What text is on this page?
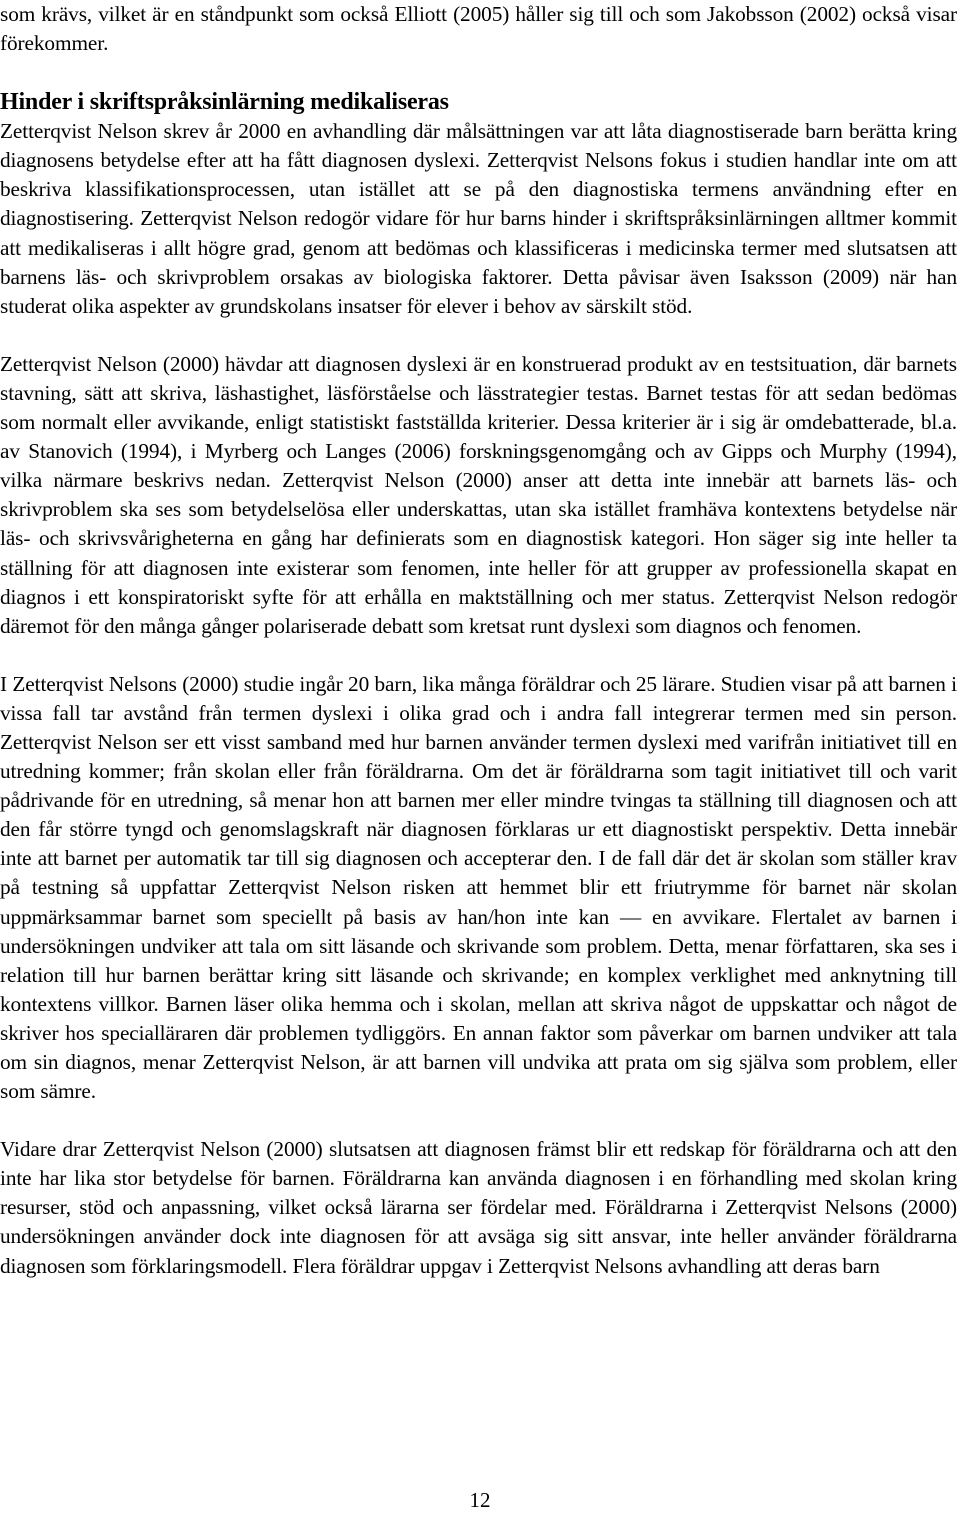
som krävs, vilket är en ståndpunkt som också Elliott (2005) håller sig till och som Jakobsson (2002) också visar förekommer.

Hinder i skriftspråksinlärning medikaliseras

Zetterqvist Nelson skrev år 2000 en avhandling där målsättningen var att låta diagnostiserade barn berätta kring diagnosens betydelse efter att ha fått diagnosen dyslexi. Zetterqvist Nelsons fokus i studien handlar inte om att beskriva klassifikationsprocessen, utan istället att se på den diagnostiska termens användning efter en diagnostisering. Zetterqvist Nelson redogör vidare för hur barns hinder i skriftspråksinlärningen alltmer kommit att medikaliseras i allt högre grad, genom att bedömas och klassificeras i medicinska termer med slutsatsen att barnens läs- och skrivproblem orsakas av biologiska faktorer. Detta påvisar även Isaksson (2009) när han studerat olika aspekter av grundskolans insatser för elever i behov av särskilt stöd.

Zetterqvist Nelson (2000) hävdar att diagnosen dyslexi är en konstruerad produkt av en testsituation, där barnets stavning, sätt att skriva, läshastighet, läsförståelse och lässtrategier testas. Barnet testas för att sedan bedömas som normalt eller avvikande, enligt statistiskt fastställda kriterier. Dessa kriterier är i sig är omdebatterade, bl.a. av Stanovich (1994), i Myrberg och Langes (2006) forskningsgenomgång och av Gipps och Murphy (1994), vilka närmare beskrivs nedan. Zetterqvist Nelson (2000) anser att detta inte innebär att barnets läs- och skrivproblem ska ses som betydelselösa eller underskattas, utan ska istället framhäva kontextens betydelse när läs- och skrivsvårigheterna en gång har definierats som en diagnostisk kategori. Hon säger sig inte heller ta ställning för att diagnosen inte existerar som fenomen, inte heller för att grupper av professionella skapat en diagnos i ett konspiratoriskt syfte för att erhålla en maktställning och mer status. Zetterqvist Nelson redogör däremot för den många gånger polariserade debatt som kretsat runt dyslexi som diagnos och fenomen.

I Zetterqvist Nelsons (2000) studie ingår 20 barn, lika många föräldrar och 25 lärare. Studien visar på att barnen i vissa fall tar avstånd från termen dyslexi i olika grad och i andra fall integrerar termen med sin person. Zetterqvist Nelson ser ett visst samband med hur barnen använder termen dyslexi med varifrån initiativet till en utredning kommer; från skolan eller från föräldrarna. Om det är föräldrarna som tagit initiativet till och varit pådrivande för en utredning, så menar hon att barnen mer eller mindre tvingas ta ställning till diagnosen och att den får större tyngd och genomslagskraft när diagnosen förklaras ur ett diagnostiskt perspektiv. Detta innebär inte att barnet per automatik tar till sig diagnosen och accepterar den. I de fall där det är skolan som ställer krav på testning så uppfattar Zetterqvist Nelson risken att hemmet blir ett friutrymme för barnet när skolan uppmärksammar barnet som speciellt på basis av han/hon inte kan — en avvikare. Flertalet av barnen i undersökningen undviker att tala om sitt läsande och skrivande som problem. Detta, menar författaren, ska ses i relation till hur barnen berättar kring sitt läsande och skrivande; en komplex verklighet med anknytning till kontextens villkor. Barnen läser olika hemma och i skolan, mellan att skriva något de uppskattar och något de skriver hos specialläraren där problemen tydliggörs. En annan faktor som påverkar om barnen undviker att tala om sin diagnos, menar Zetterqvist Nelson, är att barnen vill undvika att prata om sig själva som problem, eller som sämre.

Vidare drar Zetterqvist Nelson (2000) slutsatsen att diagnosen främst blir ett redskap för föräldrarna och att den inte har lika stor betydelse för barnen. Föräldrarna kan använda diagnosen i en förhandling med skolan kring resurser, stöd och anpassning, vilket också lärarna ser fördelar med. Föräldrarna i Zetterqvist Nelsons (2000) undersökningen använder dock inte diagnosen för att avsäga sig sitt ansvar, inte heller använder föräldrarna diagnosen som förklaringsmodell. Flera föräldrar uppgav i Zetterqvist Nelsons avhandling att deras barn

12
